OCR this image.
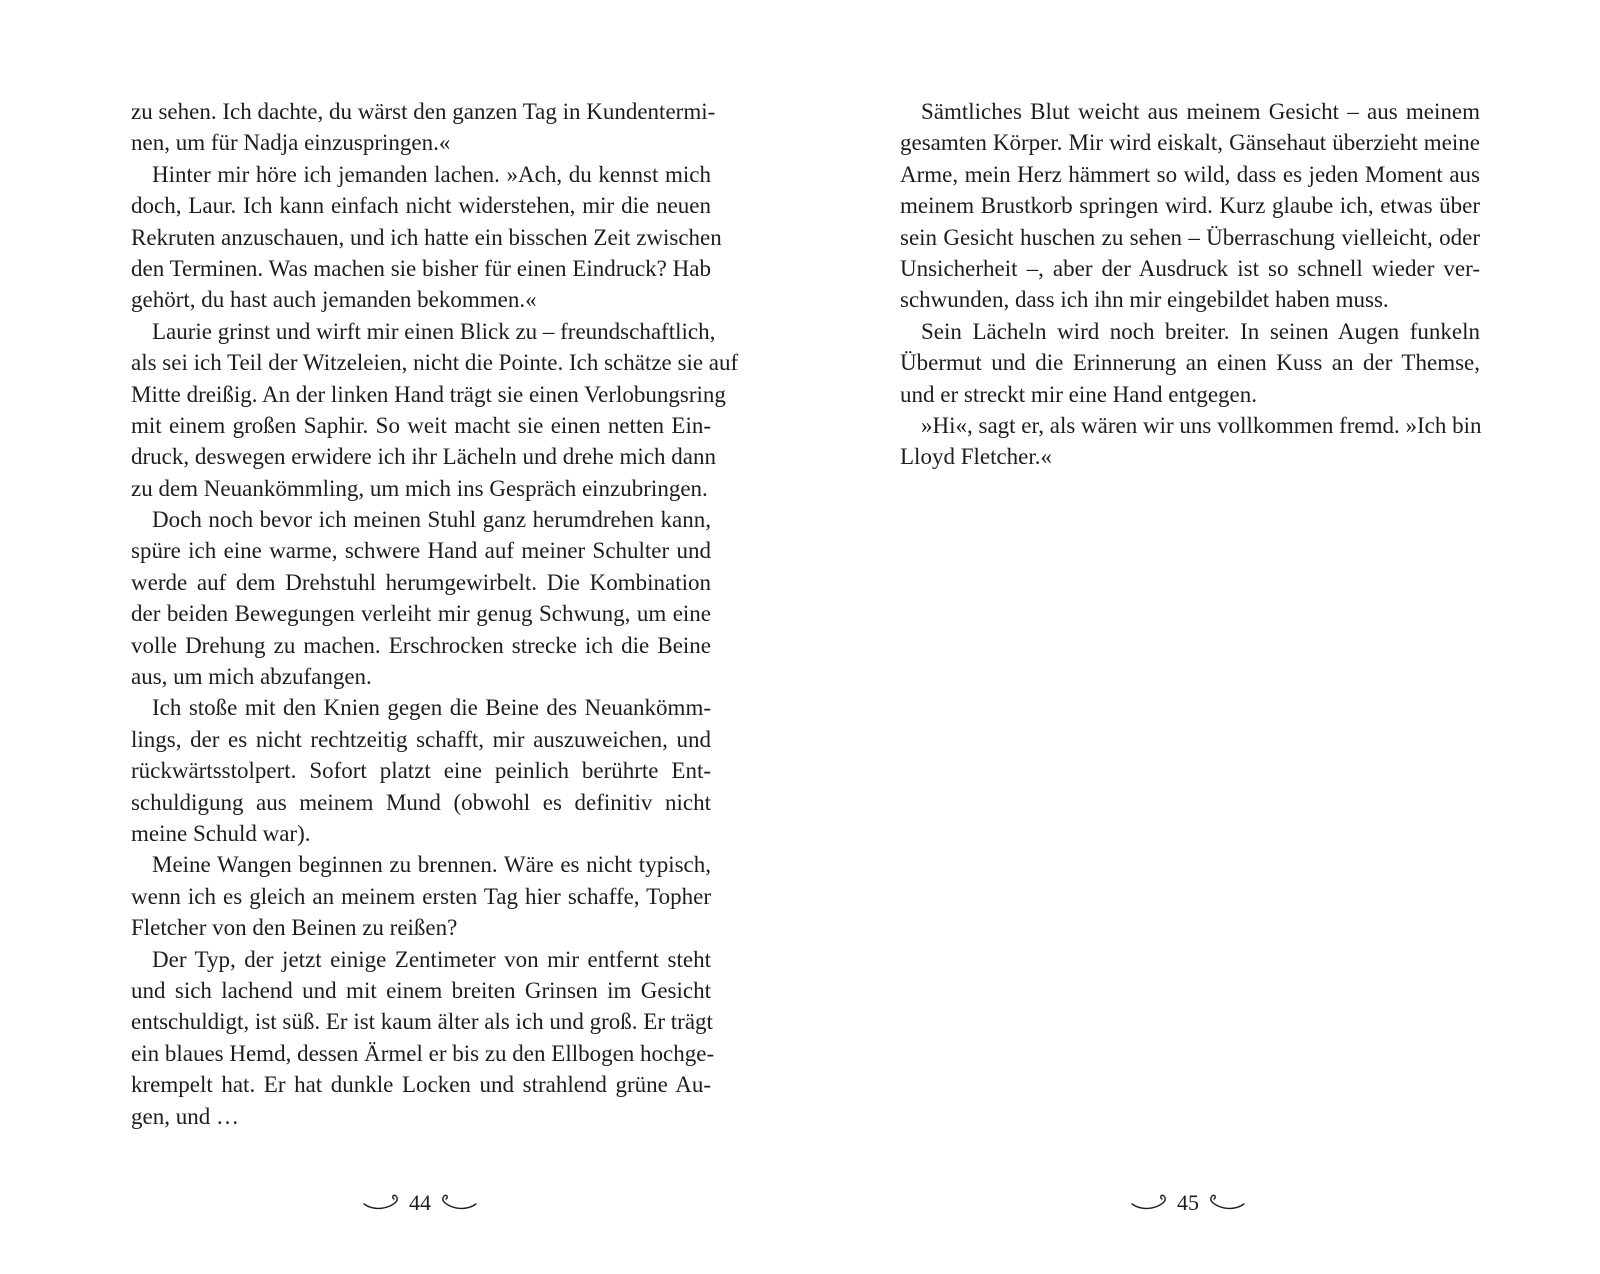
zu sehen. Ich dachte, du wärst den ganzen Tag in Kundentermi-
nen, um für Nadja einzuspringen.«
Hinter mir höre ich jemanden lachen. »Ach, du kennst mich
doch, Laur. Ich kann einfach nicht widerstehen, mir die neuen
Rekruten anzuschauen, und ich hatte ein bisschen Zeit zwischen
den Terminen. Was machen sie bisher für einen Eindruck? Hab
gehört, du hast auch jemanden bekommen.«
Laurie grinst und wirft mir einen Blick zu – freundschaftlich,
als sei ich Teil der Witzeleien, nicht die Pointe. Ich schätze sie auf
Mitte dreißig. An der linken Hand trägt sie einen Verlobungsring
mit einem großen Saphir. So weit macht sie einen netten Ein-
druck, deswegen erwidere ich ihr Lächeln und drehe mich dann
zu dem Neuankömmling, um mich ins Gespräch einzubringen.
Doch noch bevor ich meinen Stuhl ganz herumdrehen kann,
spüre ich eine warme, schwere Hand auf meiner Schulter und
werde auf dem Drehstuhl herumgewirbelt. Die Kombination
der beiden Bewegungen verleiht mir genug Schwung, um eine
volle Drehung zu machen. Erschrocken strecke ich die Beine
aus, um mich abzufangen.
Ich stoße mit den Knien gegen die Beine des Neuankömm-
lings, der es nicht rechtzeitig schafft, mir auszuweichen, und
rückwärtsstolpert. Sofort platzt eine peinlich berührte Ent-
schuldigung aus meinem Mund (obwohl es definitiv nicht
meine Schuld war).
Meine Wangen beginnen zu brennen. Wäre es nicht typisch,
wenn ich es gleich an meinem ersten Tag hier schaffe, Topher
Fletcher von den Beinen zu reißen?
Der Typ, der jetzt einige Zentimeter von mir entfernt steht
und sich lachend und mit einem breiten Grinsen im Gesicht
entschuldigt, ist süß. Er ist kaum älter als ich und groß. Er trägt
ein blaues Hemd, dessen Ärmel er bis zu den Ellbogen hochge-
krempelt hat. Er hat dunkle Locken und strahlend grüne Au-
gen, und …
44
Sämtliches Blut weicht aus meinem Gesicht – aus meinem
gesamten Körper. Mir wird eiskalt, Gänsehaut überzieht meine
Arme, mein Herz hämmert so wild, dass es jeden Moment aus
meinem Brustkorb springen wird. Kurz glaube ich, etwas über
sein Gesicht huschen zu sehen – Überraschung vielleicht, oder
Unsicherheit –, aber der Ausdruck ist so schnell wieder ver-
schwunden, dass ich ihn mir eingebildet haben muss.
Sein Lächeln wird noch breiter. In seinen Augen funkeln
Übermut und die Erinnerung an einen Kuss an der Themse,
und er streckt mir eine Hand entgegen.
»Hi«, sagt er, als wären wir uns vollkommen fremd. »Ich bin
Lloyd Fletcher.«
45
